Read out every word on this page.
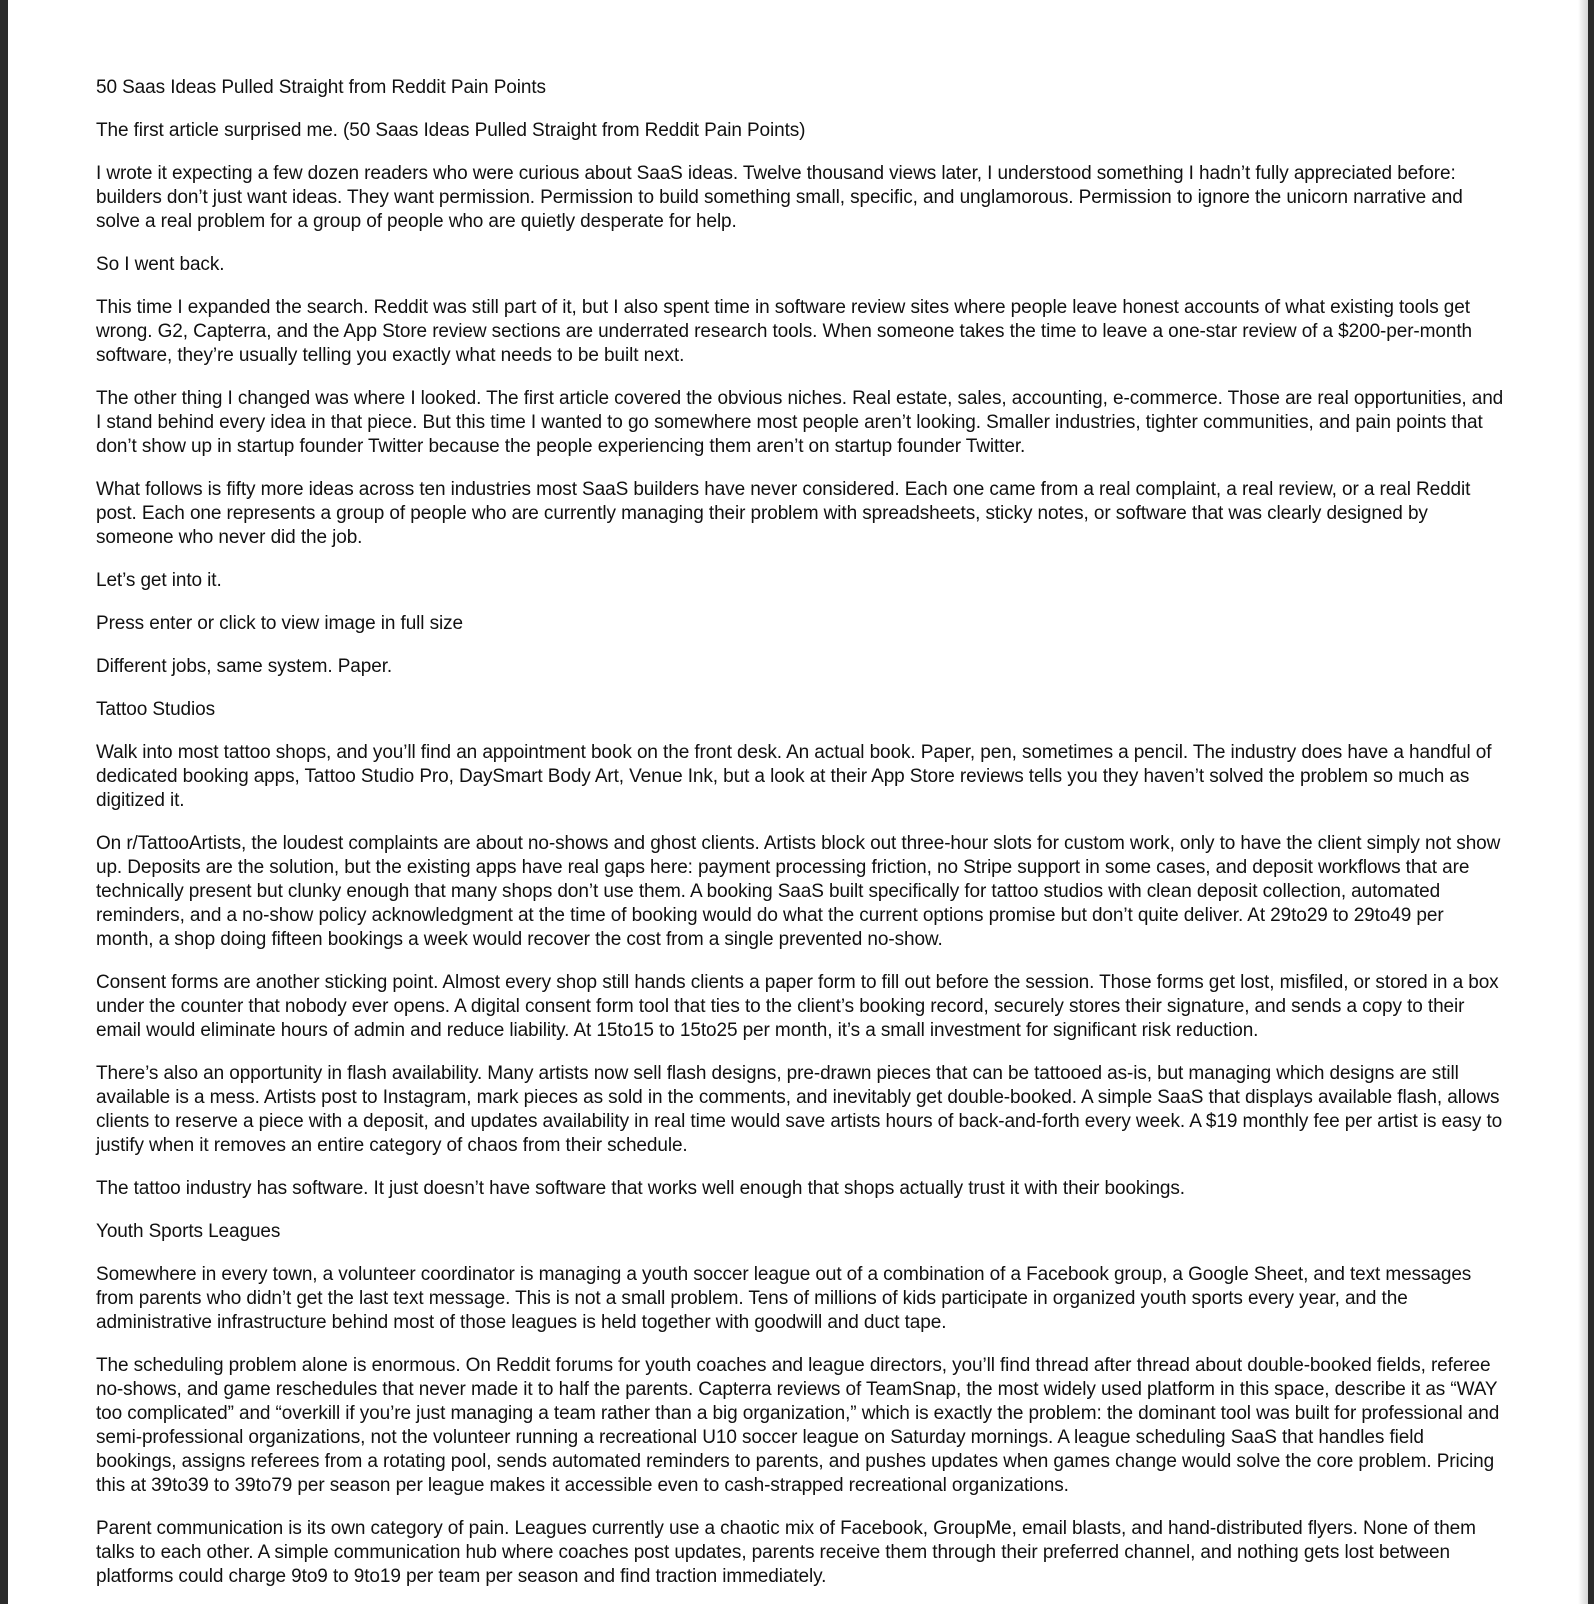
50 Saas Ideas Pulled Straight from Reddit Pain Points

The first article surprised me. (50 Saas Ideas Pulled Straight from Reddit Pain Points)

I wrote it expecting a few dozen readers who were curious about SaaS ideas. Twelve thousand views later, I understood something I hadn’t fully appreciated before: builders don’t just want ideas. They want permission. Permission to build something small, specific, and unglamorous. Permission to ignore the unicorn narrative and solve a real problem for a group of people who are quietly desperate for help.

So I went back.

This time I expanded the search. Reddit was still part of it, but I also spent time in software review sites where people leave honest accounts of what existing tools get wrong. G2, Capterra, and the App Store review sections are underrated research tools. When someone takes the time to leave a one-star review of a $200-per-month software, they’re usually telling you exactly what needs to be built next.

The other thing I changed was where I looked. The first article covered the obvious niches. Real estate, sales, accounting, e-commerce. Those are real opportunities, and I stand behind every idea in that piece. But this time I wanted to go somewhere most people aren’t looking. Smaller industries, tighter communities, and pain points that don’t show up in startup founder Twitter because the people experiencing them aren’t on startup founder Twitter.

What follows is fifty more ideas across ten industries most SaaS builders have never considered. Each one came from a real complaint, a real review, or a real Reddit post. Each one represents a group of people who are currently managing their problem with spreadsheets, sticky notes, or software that was clearly designed by someone who never did the job.

Let’s get into it.

Press enter or click to view image in full size

Different jobs, same system. Paper.

Tattoo Studios

Walk into most tattoo shops, and you’ll find an appointment book on the front desk. An actual book. Paper, pen, sometimes a pencil. The industry does have a handful of dedicated booking apps, Tattoo Studio Pro, DaySmart Body Art, Venue Ink, but a look at their App Store reviews tells you they haven’t solved the problem so much as digitized it.

On r/TattooArtists, the loudest complaints are about no-shows and ghost clients. Artists block out three-hour slots for custom work, only to have the client simply not show up. Deposits are the solution, but the existing apps have real gaps here: payment processing friction, no Stripe support in some cases, and deposit workflows that are technically present but clunky enough that many shops don’t use them. A booking SaaS built specifically for tattoo studios with clean deposit collection, automated reminders, and a no-show policy acknowledgment at the time of booking would do what the current options promise but don’t quite deliver. At 29to29 to 29to49 per month, a shop doing fifteen bookings a week would recover the cost from a single prevented no-show.

Consent forms are another sticking point. Almost every shop still hands clients a paper form to fill out before the session. Those forms get lost, misfiled, or stored in a box under the counter that nobody ever opens. A digital consent form tool that ties to the client’s booking record, securely stores their signature, and sends a copy to their email would eliminate hours of admin and reduce liability. At 15to15 to 15to25 per month, it’s a small investment for significant risk reduction.

There’s also an opportunity in flash availability. Many artists now sell flash designs, pre-drawn pieces that can be tattooed as-is, but managing which designs are still available is a mess. Artists post to Instagram, mark pieces as sold in the comments, and inevitably get double-booked. A simple SaaS that displays available flash, allows clients to reserve a piece with a deposit, and updates availability in real time would save artists hours of back-and-forth every week. A $19 monthly fee per artist is easy to justify when it removes an entire category of chaos from their schedule.

The tattoo industry has software. It just doesn’t have software that works well enough that shops actually trust it with their bookings.

Youth Sports Leagues

Somewhere in every town, a volunteer coordinator is managing a youth soccer league out of a combination of a Facebook group, a Google Sheet, and text messages from parents who didn’t get the last text message. This is not a small problem. Tens of millions of kids participate in organized youth sports every year, and the administrative infrastructure behind most of those leagues is held together with goodwill and duct tape.

The scheduling problem alone is enormous. On Reddit forums for youth coaches and league directors, you’ll find thread after thread about double-booked fields, referee no-shows, and game reschedules that never made it to half the parents. Capterra reviews of TeamSnap, the most widely used platform in this space, describe it as “WAY too complicated” and “overkill if you’re just managing a team rather than a big organization,” which is exactly the problem: the dominant tool was built for professional and semi-professional organizations, not the volunteer running a recreational U10 soccer league on Saturday mornings. A league scheduling SaaS that handles field bookings, assigns referees from a rotating pool, sends automated reminders to parents, and pushes updates when games change would solve the core problem. Pricing this at 39to39 to 39to79 per season per league makes it accessible even to cash-strapped recreational organizations.

Parent communication is its own category of pain. Leagues currently use a chaotic mix of Facebook, GroupMe, email blasts, and hand-distributed flyers. None of them talks to each other. A simple communication hub where coaches post updates, parents receive them through their preferred channel, and nothing gets lost between platforms could charge 9to9 to 9to19 per team per season and find traction immediately.
